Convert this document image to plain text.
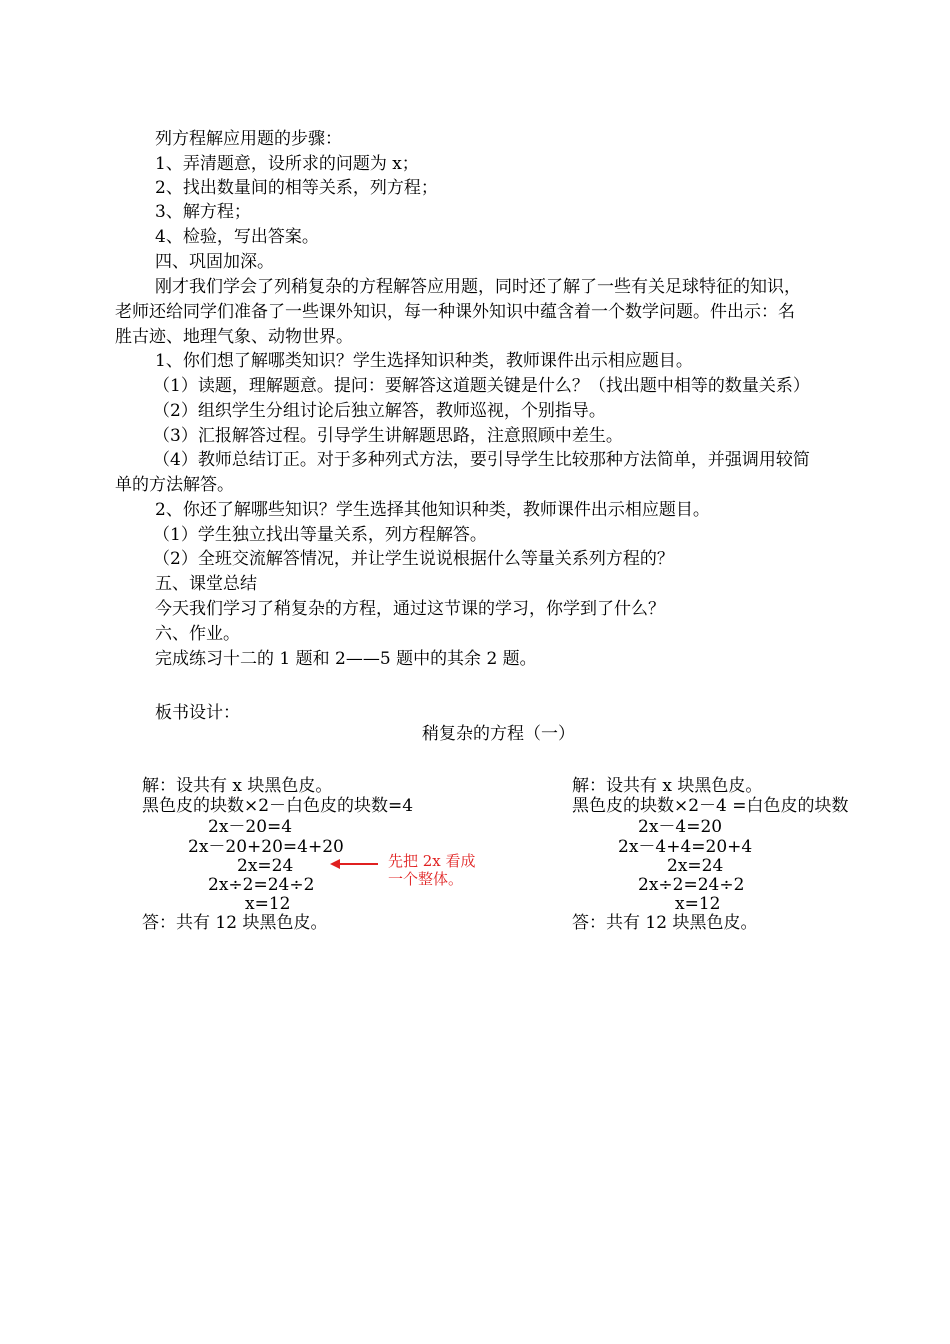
列方程解应用题的步骤：
1、弄清题意，设所求的问题为 x；
2、找出数量间的相等关系，列方程；
3、解方程；
4、检验，写出答案。
四、巩固加深。
刚才我们学会了列稍复杂的方程解答应用题，同时还了解了一些有关足球特征的知识，
老师还给同学们准备了一些课外知识，每一种课外知识中蕴含着一个数学问题。件出示：名
胜古迹、地理气象、动物世界。
1、你们想了解哪类知识？学生选择知识种类，教师课件出示相应题目。
（1）读题，理解题意。提问：要解答这道题关键是什么？（找出题中相等的数量关系）
（2）组织学生分组讨论后独立解答，教师巡视，个别指导。
（3）汇报解答过程。引导学生讲解题思路，注意照顾中差生。
（4）教师总结订正。对于多种列式方法，要引导学生比较那种方法简单，并强调用较简
单的方法解答。
2、你还了解哪些知识？学生选择其他知识种类，教师课件出示相应题目。
（1）学生独立找出等量关系，列方程解答。
（2）全班交流解答情况，并让学生说说根据什么等量关系列方程的？
五、课堂总结
今天我们学习了稍复杂的方程，通过这节课的学习，你学到了什么？
六、作业。
完成练习十二的 1 题和 2——5 题中的其余 2 题。
板书设计：
稍复杂的方程（一）
解：设共有 x 块黑色皮。
黑色皮的块数×2－白色皮的块数=4
2x－20=4
2x－20+20=4+20
2x=24
2x÷2=24÷2
x=12
答：共有 12 块黑色皮。
先把 2x 看成
一个整体。
解：设共有 x 块黑色皮。
黑色皮的块数×2－4 =白色皮的块数
2x－4=20
2x－4+4=20+4
2x=24
2x÷2=24÷2
x=12
答：共有 12 块黑色皮。
